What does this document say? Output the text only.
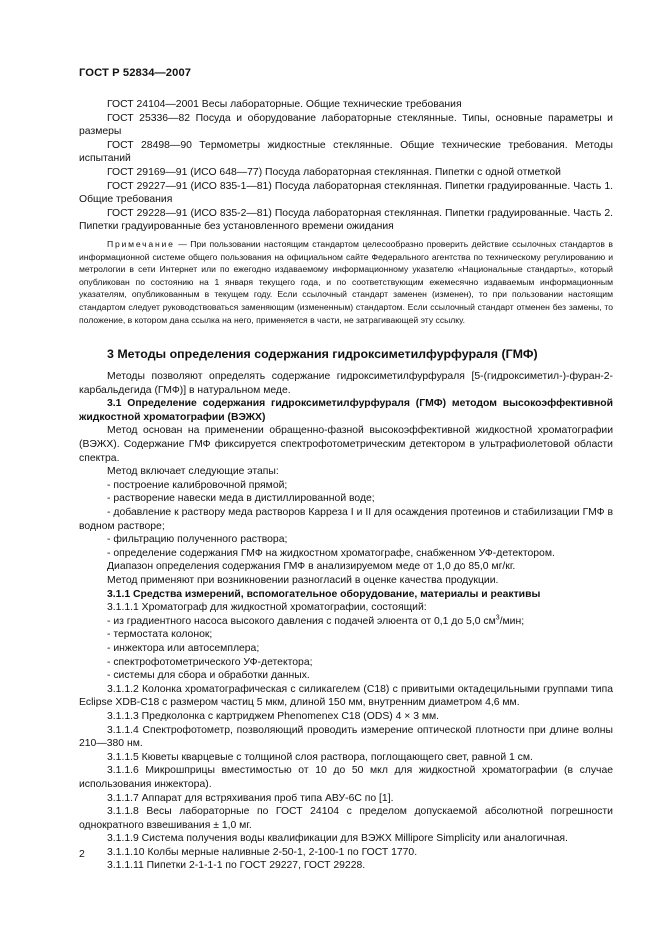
ГОСТ Р 52834—2007

ГОСТ 24104—2001 Весы лабораторные. Общие технические требования

ГОСТ 25336—82 Посуда и оборудование лабораторные стеклянные. Типы, основные параметры и размеры

ГОСТ 28498—90 Термометры жидкостные стеклянные. Общие технические требования. Методы испытаний

ГОСТ 29169—91 (ИСО 648—77) Посуда лабораторная стеклянная. Пипетки с одной отметкой

ГОСТ 29227—91 (ИСО 835-1—81) Посуда лабораторная стеклянная. Пипетки градуированные. Часть 1. Общие требования

ГОСТ 29228—91 (ИСО 835-2—81) Посуда лабораторная стеклянная. Пипетки градуированные. Часть 2. Пипетки градуированные без установленного времени ожидания

Примечание — При пользовании настоящим стандартом целесообразно проверить действие ссылочных стандартов в информационной системе общего пользования на официальном сайте Федерального агентства по техническому регулированию и метрологии в сети Интернет или по ежегодно издаваемому информационному указателю «Национальные стандарты», который опубликован по состоянию на 1 января текущего года, и по соответствующим ежемесячно издаваемым информационным указателям, опубликованным в текущем году. Если ссылочный стандарт заменен (изменен), то при пользовании настоящим стандартом следует руководствоваться заменяющим (измененным) стандартом. Если ссылочный стандарт отменен без замены, то положение, в котором дана ссылка на него, применяется в части, не затрагивающей эту ссылку.

3 Методы определения содержания гидроксиметилфурфураля (ГМФ)

Методы позволяют определять содержание гидроксиметилфурфураля [5-(гидроксиметил-)-фуран-2-карбальдегида (ГМФ)] в натуральном меде.

3.1 Определение содержания гидроксиметилфурфураля (ГМФ) методом высокоэффективной жидкостной хроматографии (ВЭЖХ)

Метод основан на применении обращенно-фазной высокоэффективной жидкостной хроматографии (ВЭЖХ). Содержание ГМФ фиксируется спектрофотометрическим детектором в ультрафиолетовой области спектра.

Метод включает следующие этапы:

- построение калибровочной прямой;

- растворение навески меда в дистиллированной воде;

- добавление к раствору меда растворов Карреза I и II для осаждения протеинов и стабилизации ГМФ в водном растворе;

- фильтрацию полученного раствора;

- определение содержания ГМФ на жидкостном хроматографе, снабженном УФ-детектором.

Диапазон определения содержания ГМФ в анализируемом меде от 1,0 до 85,0 мг/кг.

Метод применяют при возникновении разногласий в оценке качества продукции.

3.1.1 Средства измерений, вспомогательное оборудование, материалы и реактивы

3.1.1.1 Хроматограф для жидкостной хроматографии, состоящий:

- из градиентного насоса высокого давления с подачей элюента от 0,1 до 5,0 $см^3$/мин;

- термостата колонок;

- инжектора или автосемплера;

- спектрофотометрического УФ-детектора;

- системы для сбора и обработки данных.

3.1.1.2 Колонка хроматографическая с силикагелем (С18) с привитыми октадецильными группами типа Eclipse XDB-C18 с размером частиц 5 мкм, длиной 150 мм, внутренним диаметром 4,6 мм.

3.1.1.3 Предколонка с картриджем Phenomenex C18 (ODS) 4 × 3 мм.

3.1.1.4 Спектрофотометр, позволяющий проводить измерение оптической плотности при длине волны 210—380 нм.

3.1.1.5 Кюветы кварцевые с толщиной слоя раствора, поглощающего свет, равной 1 см.

3.1.1.6 Микрошприцы вместимостью от 10 до 50 мкл для жидкостной хроматографии (в случае использования инжектора).

3.1.1.7 Аппарат для встряхивания проб типа АВУ-6С по [1].

3.1.1.8 Весы лабораторные по ГОСТ 24104 с пределом допускаемой абсолютной погрешности однократного взвешивания ± 1,0 мг.

3.1.1.9 Система получения воды квалификации для ВЭЖХ Millipore Simplicity или аналогичная.

3.1.1.10 Колбы мерные наливные 2-50-1, 2-100-1 по ГОСТ 1770.

3.1.1.11 Пипетки 2-1-1-1 по ГОСТ 29227, ГОСТ 29228.

2
